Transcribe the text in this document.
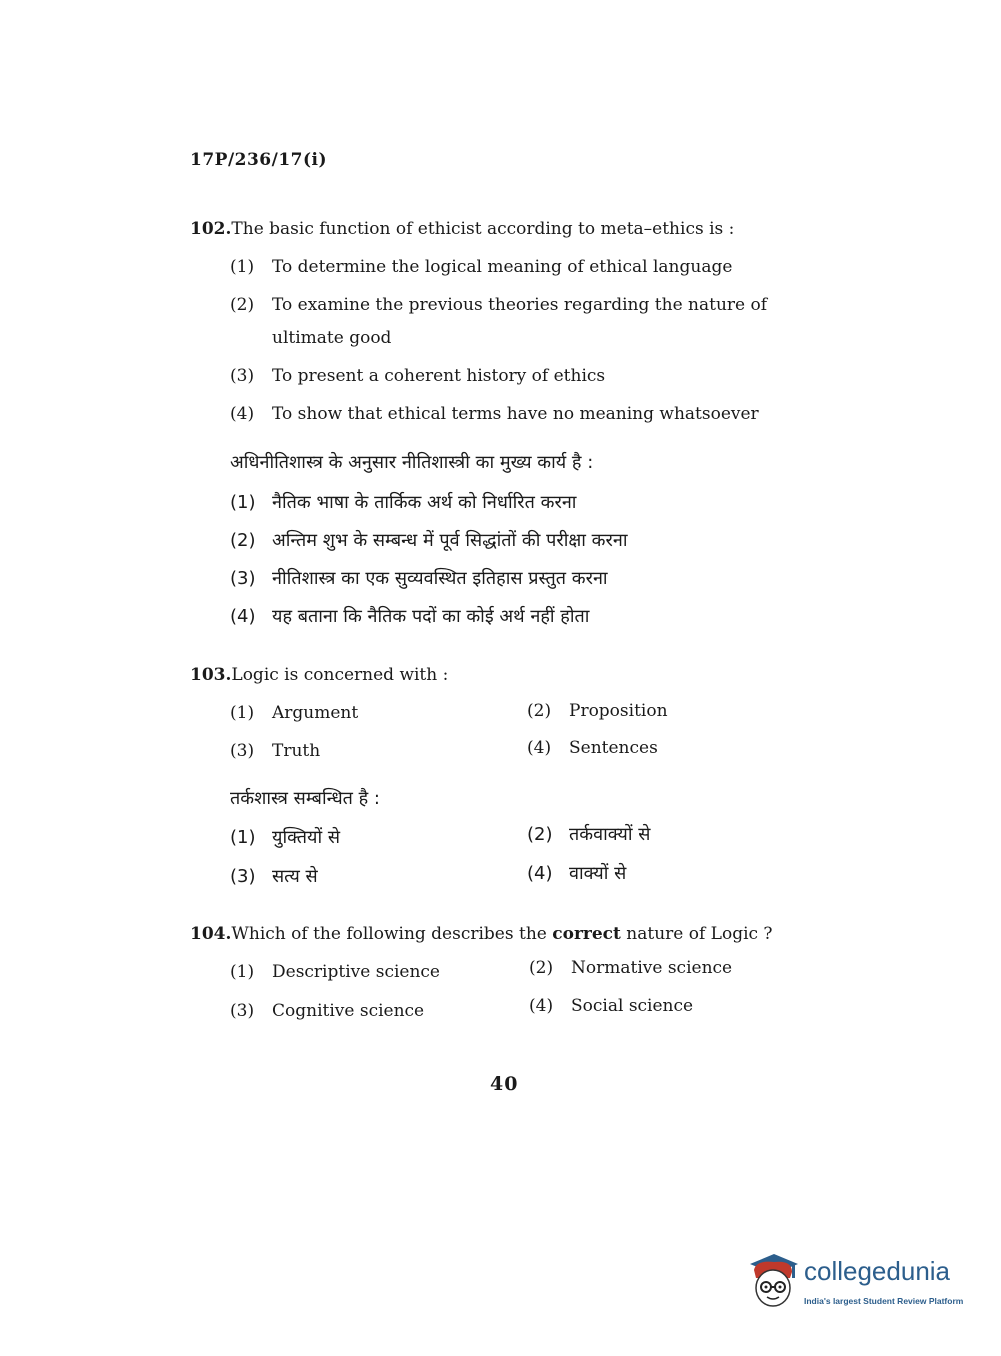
17P/236/17(i)
102.The basic function of ethicist according to meta–ethics is :
(1) To determine the logical meaning of ethical language
(2) To examine the previous theories regarding the nature of
ultimate good
(3) To present a coherent history of ethics
(4) To show that ethical terms have no meaning whatsoever
अधिनीतिशास्त्र के अनुसार नीतिशास्त्री का मुख्य कार्य है :
(1) नैतिक भाषा के तार्किक अर्थ को निर्धारित करना
(2) अन्तिम शुभ के सम्बन्ध में पूर्व सिद्धांतों की परीक्षा करना
(3) नीतिशास्त्र का एक सुव्यवस्थित इतिहास प्रस्तुत करना
(4) यह बताना कि नैतिक पदों का कोई अर्थ नहीं होता
103.Logic is concerned with :
(1) Argument	(2) Proposition
(3) Truth	(4) Sentences
तर्कशास्त्र सम्बन्धित है :
(1) युक्तियों से	(2) तर्कवाक्यों से
(3) सत्य से	(4) वाक्यों से
104.Which of the following describes the correct nature of Logic ?
(1) Descriptive science	(2) Normative science
(3) Cognitive science	(4) Social science
40
collegedunia
India's largest Student Review Platform
